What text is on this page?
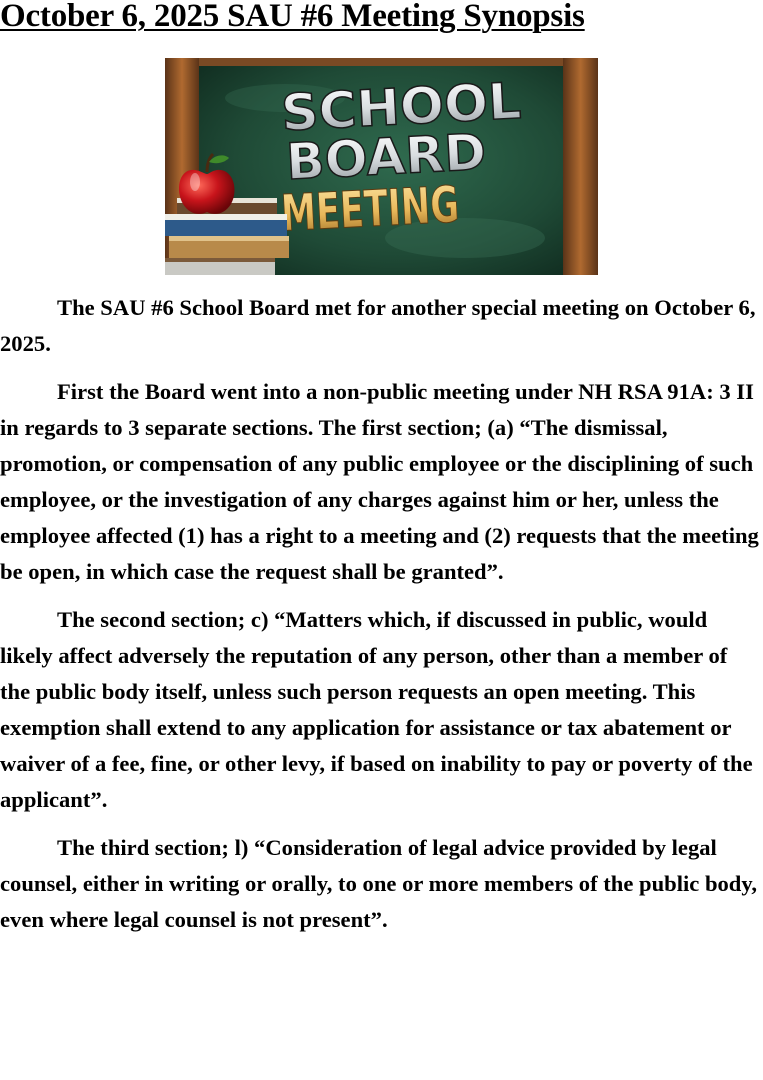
October 6, 2025 SAU #6 Meeting Synopsis
SCHOOL
BOARD
MEETING

The SAU #6 School Board met for another special meeting on October 6, 2025.

First the Board went into a non-public meeting under NH RSA 91A: 3 II in regards to 3 separate sections. The first section; (a) “The dismissal, promotion, or compensation of any public employee or the disciplining of such employee, or the investigation of any charges against him or her, unless the employee affected (1) has a right to a meeting and (2) requests that the meeting be open, in which case the request shall be granted”.

The second section; c) “Matters which, if discussed in public, would likely affect adversely the reputation of any person, other than a member of the public body itself, unless such person requests an open meeting. This exemption shall extend to any application for assistance or tax abatement or waiver of a fee, fine, or other levy, if based on inability to pay or poverty of the applicant”.

The third section; l) “Consideration of legal advice provided by legal counsel, either in writing or orally, to one or more members of the public body, even where legal counsel is not present”.
